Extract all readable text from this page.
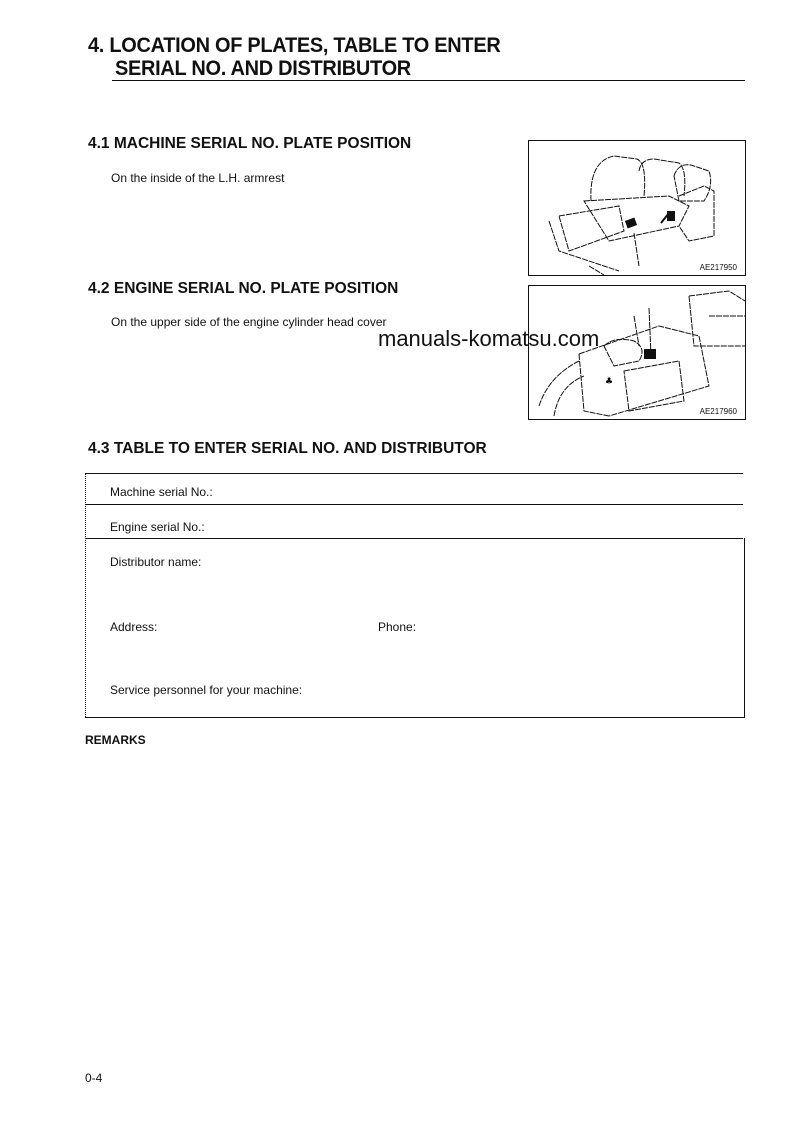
4. LOCATION OF PLATES, TABLE TO ENTER
SERIAL NO. AND DISTRIBUTOR
4.1 MACHINE SERIAL NO. PLATE POSITION
On the inside of the L.H. armrest
AE217950
4.2 ENGINE SERIAL NO. PLATE POSITION
On the upper side of the engine cylinder head cover
♣
AE217960
manuals-komatsu.com
4.3 TABLE TO ENTER SERIAL NO. AND DISTRIBUTOR
Machine serial No.:
Engine serial No.:
Distributor name:
Address:	Phone:
Service personnel for your machine:
REMARKS
0-4
